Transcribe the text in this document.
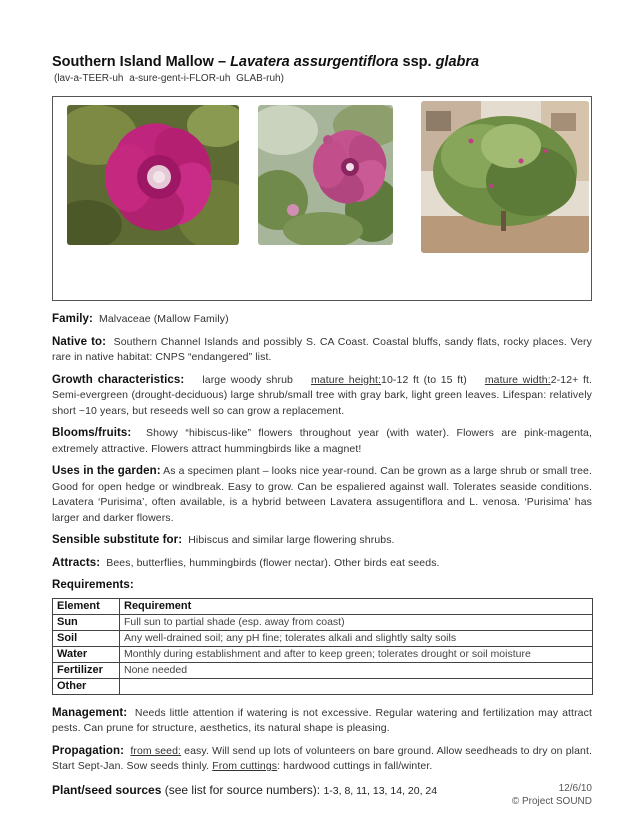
Southern Island Mallow – Lavatera assurgentiflora ssp. glabra
(lav-a-TEER-uh a-sure-gent-i-FLOR-uh GLAB-ruh)

Family: Malvaceae (Mallow Family)

Native to: Southern Channel Islands and possibly S. CA Coast. Coastal bluffs, sandy flats, rocky places. Very rare in native habitat: CNPS “endangered” list.

Growth characteristics: large woody shrub mature height:10-12 ft (to 15 ft) mature width:2-12+ ft. Semi-evergreen (drought-deciduous) large shrub/small tree with gray bark, light green leaves. Lifespan: relatively short ~10 years, but reseeds well so can grow a replacement.

Blooms/fruits: Showy “hibiscus-like” flowers throughout year (with water). Flowers are pink-magenta, extremely attractive. Flowers attract hummingbirds like a magnet!

Uses in the garden: As a specimen plant – looks nice year-round. Can be grown as a large shrub or small tree. Good for open hedge or windbreak. Easy to grow. Can be espaliered against wall. Tolerates seaside conditions. Lavatera ‘Purisima’, often available, is a hybrid between Lavatera assugentiflora and L. venosa. ‘Purisima’ has larger and darker flowers.

Sensible substitute for: Hibiscus and similar large flowering shrubs.

Attracts: Bees, butterflies, hummingbirds (flower nectar). Other birds eat seeds.

Requirements:

Element	Requirement
Sun	Full sun to partial shade (esp. away from coast)
Soil	Any well-drained soil; any pH fine; tolerates alkali and slightly salty soils
Water	Monthly during establishment and after to keep green; tolerates drought or soil moisture
Fertilizer	None needed
Other	

Management: Needs little attention if watering is not excessive. Regular watering and fertilization may attract pests. Can prune for structure, aesthetics, its natural shape is pleasing.

Propagation: from seed: easy. Will send up lots of volunteers on bare ground. Allow seedheads to dry on plant. Start Sept-Jan. Sow seeds thinly. From cuttings: hardwood cuttings in fall/winter.

Plant/seed sources (see list for source numbers): 1-3, 8, 11, 13, 14, 20, 24	12/6/10
© Project SOUND
